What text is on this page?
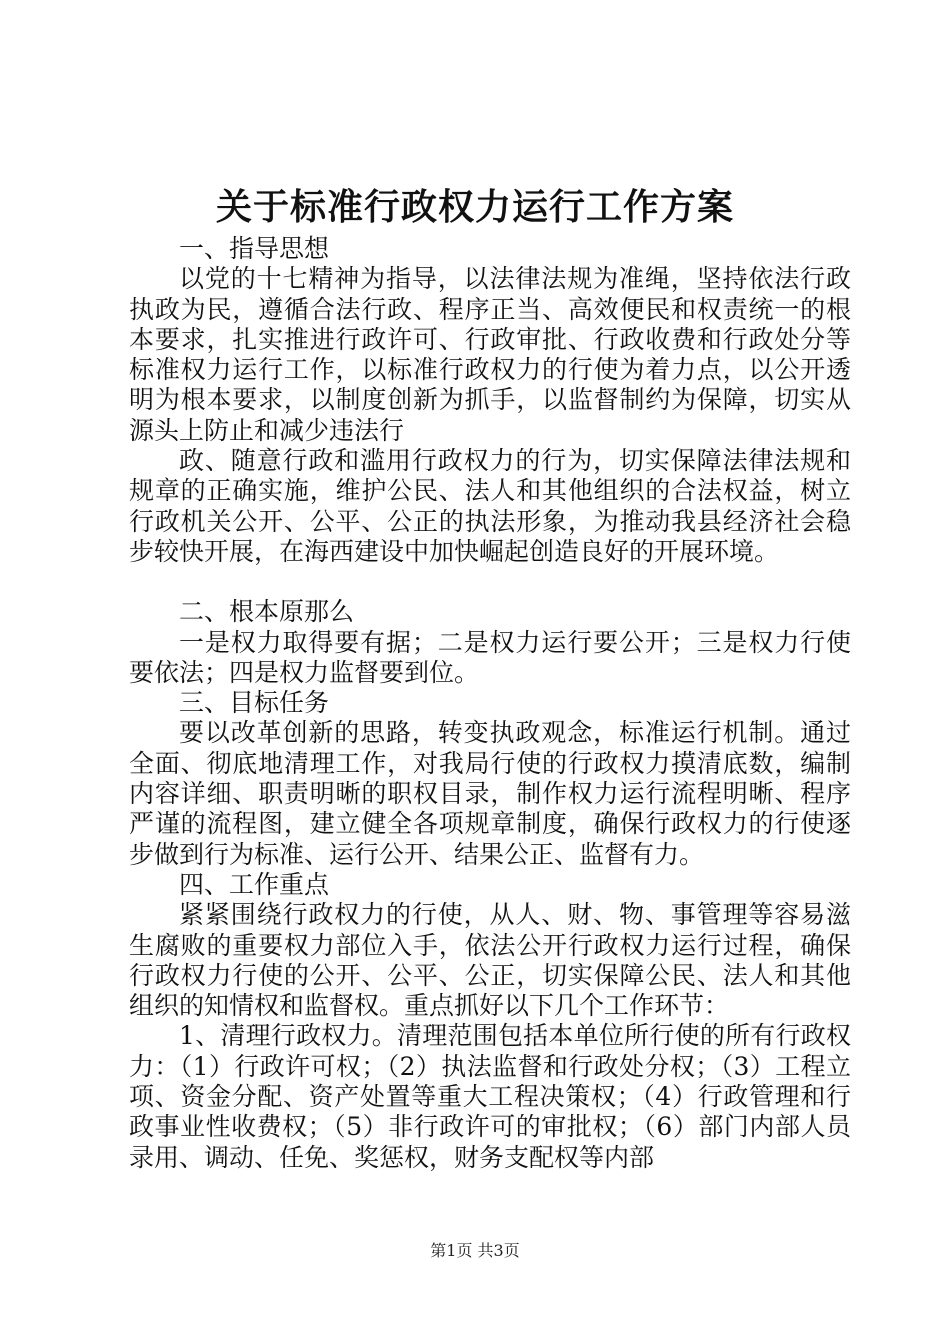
关于标准行政权力运行工作方案

一、指导思想

以党的十七精神为指导，以法律法规为准绳，坚持依法行政执政为民，遵循合法行政、程序正当、高效便民和权责统一的根本要求，扎实推进行政许可、行政审批、行政收费和行政处分等标准权力运行工作，以标准行政权力的行使为着力点，以公开透明为根本要求，以制度创新为抓手，以监督制约为保障，切实从源头上防止和减少违法行

政、随意行政和滥用行政权力的行为，切实保障法律法规和规章的正确实施，维护公民、法人和其他组织的合法权益，树立行政机关公开、公平、公正的执法形象，为推动我县经济社会稳步较快开展，在海西建设中加快崛起创造良好的开展环境。

二、根本原那么

一是权力取得要有据；二是权力运行要公开；三是权力行使要依法；四是权力监督要到位。

三、目标任务

要以改革创新的思路，转变执政观念，标准运行机制。通过全面、彻底地清理工作，对我局行使的行政权力摸清底数，编制内容详细、职责明晰的职权目录，制作权力运行流程明晰、程序严谨的流程图，建立健全各项规章制度，确保行政权力的行使逐步做到行为标准、运行公开、结果公正、监督有力。

四、工作重点

紧紧围绕行政权力的行使，从人、财、物、事管理等容易滋生腐败的重要权力部位入手，依法公开行政权力运行过程，确保行政权力行使的公开、公平、公正，切实保障公民、法人和其他组织的知情权和监督权。重点抓好以下几个工作环节：

1、清理行政权力。清理范围包括本单位所行使的所有行政权力：（1）行政许可权；（2）执法监督和行政处分权；（3）工程立项、资金分配、资产处置等重大工程决策权；（4）行政管理和行政事业性收费权；（5）非行政许可的审批权；（6）部门内部人员录用、调动、任免、奖惩权，财务支配权等内部

第1页 共3页
